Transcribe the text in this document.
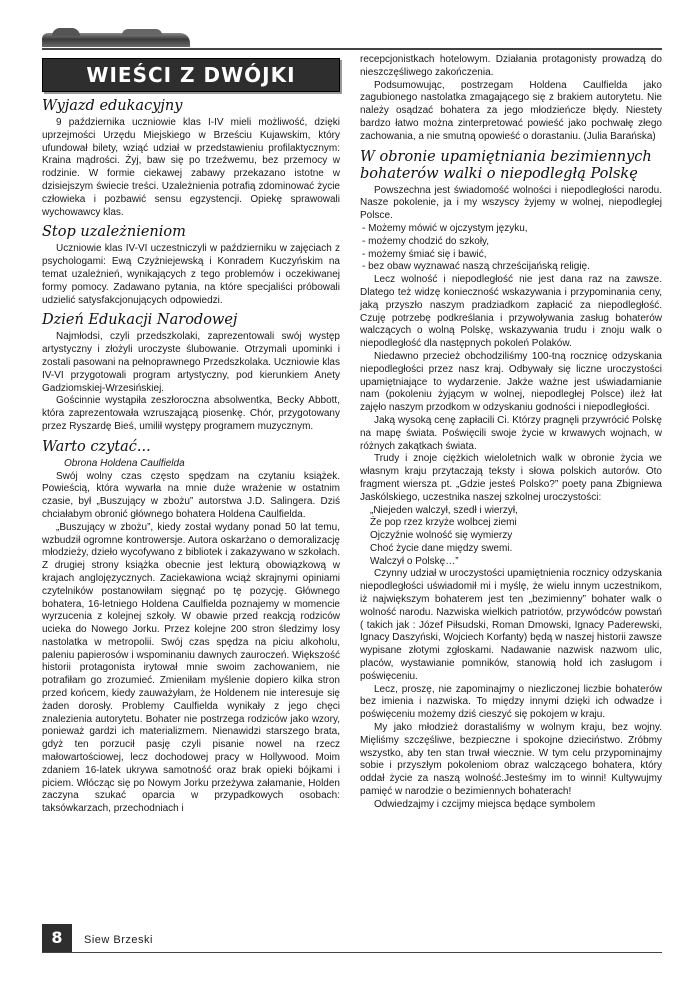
WIEŚCI Z DWÓJKI
Wyjazd edukacyjny

9 października uczniowie klas I-IV mieli możliwość, dzięki uprzejmości Urzędu Miejskiego w Brześciu Kujawskim, który ufundował bilety, wziąć udział w przedstawieniu profilaktycznym: Kraina mądrości. Żyj, baw się po trzeźwemu, bez przemocy w rodzinie. W formie ciekawej zabawy przekazano istotne w dzisiejszym świecie treści. Uzależnienia potrafią zdominować życie człowieka i pozbawić sensu egzystencji. Opiekę sprawowali wychowawcy klas.

Stop uzależnieniom

Uczniowie klas IV-VI uczestniczyli w październiku w zajęciach z psychologami: Ewą Czyżniejewską i Konradem Kuczyńskim na temat uzależnień, wynikających z tego problemów i oczekiwanej formy pomocy. Zadawano pytania, na które specjaliści próbowali udzielić satysfakcjonujących odpowiedzi.

Dzień Edukacji Narodowej

Najmłodsi, czyli przedszkolaki, zaprezentowali swój występ artystyczny i złożyli uroczyste ślubowanie. Otrzymali upominki i zostali pasowani na pełnoprawnego Przedszkolaka. Uczniowie klas IV-VI przygotowali program artystyczny, pod kierunkiem Anety Gadziomskiej-Wrzesińskiej.

Gościnnie wystąpiła zeszłoroczna absolwentka, Becky Abbott, która zaprezentowała wzruszającą piosenkę. Chór, przygotowany przez Ryszardę Bieś, umilił występy programem muzycznym.

Warto czytać...

Obrona Holdena Caulfielda

Swój wolny czas często spędzam na czytaniu książek. Powieścią, która wywarła na mnie duże wrażenie w ostatnim czasie, był „Buszujący w zbożu” autorstwa J.D. Salingera. Dziś chciałabym obronić głównego bohatera Holdena Caulfielda.

„Buszujący w zbożu”, kiedy został wydany ponad 50 lat temu, wzbudził ogromne kontrowersje. Autora oskarżano o demoralizację młodzieży, dzieło wycofywano z bibliotek i zakazywano w szkołach. Z drugiej strony książka obecnie jest lekturą obowiązkową w krajach anglojęzycznych. Zaciekawiona wciąż skrajnymi opiniami czytelników postanowiłam sięgnąć po tę pozycję. Głównego bohatera, 16-letniego Holdena Caulfielda poznajemy w momencie wyrzucenia z kolejnej szkoły. W obawie przed reakcją rodziców ucieka do Nowego Jorku. Przez kolejne 200 stron śledzimy losy nastolatka w metropolii. Swój czas spędza na piciu alkoholu, paleniu papierosów i wspominaniu dawnych zauroczeń. Większość historii protagonista irytował mnie swoim zachowaniem, nie potrafiłam go zrozumieć. Zmieniłam myślenie dopiero kilka stron przed końcem, kiedy zauważyłam, że Holdenem nie interesuje się żaden dorosły. Problemy Caulfielda wynikały z jego chęci znalezienia autorytetu. Bohater nie postrzega rodziców jako wzory, ponieważ gardzi ich materializmem. Nienawidzi starszego brata, gdyż ten porzucił pasję czyli pisanie nowel na rzecz małowartościowej, lecz dochodowej pracy w Hollywood. Moim zdaniem 16-latek ukrywa samotność oraz brak opieki bójkami i piciem. Włócząc się po Nowym Jorku przeżywa załamanie, Holden zaczyna szukać oparcia w przypadkowych osobach: taksówkarzach, przechodniach i

recepcjonistkach hotelowym. Działania protagonisty prowadzą do nieszczęśliwego zakończenia.

Podsumowując, postrzegam Holdena Caulfielda jako zagubionego nastolatka zmagającego się z brakiem autorytetu. Nie należy osądzać bohatera za jego młodzieńcze błędy. Niestety bardzo łatwo można zinterpretować powieść jako pochwałę złego zachowania, a nie smutną opowieść o dorastaniu. (Julia Barańska)

W obronie upamiętniania bezimiennych bohaterów walki o niepodległą Polskę

Powszechna jest świadomość wolności i niepodległości narodu. Nasze pokolenie, ja i my wszyscy żyjemy w wolnej, niepodległej Polsce.

- Możemy mówić w ojczystym języku,
- możemy chodzić do szkoły,
- możemy śmiać się i bawić,
- bez obaw wyznawać naszą chrześcijańską religię.

Lecz wolność i niepodległość nie jest dana raz na zawsze. Dlatego też widzę konieczność wskazywania i przypominania ceny, jaką przyszło naszym pradziadkom zapłacić za niepodległość. Czuję potrzebę podkreślania i przywoływania zasług bohaterów walczących o wolną Polskę, wskazywania trudu i znoju walk o niepodległość dla następnych pokoleń Polaków.

Niedawno przecież obchodziliśmy 100-tną rocznicę odzyskania niepodległości przez nasz kraj. Odbywały się liczne uroczystości upamiętniające to wydarzenie. Jakże ważne jest uświadamianie nam (pokoleniu żyjącym w wolnej, niepodległej Polsce) ileż łat zajęło naszym przodkom w odzyskaniu godności i niepodległości.

Jaką wysoką cenę zapłacili Ci. Którzy pragnęli przywrócić Polskę na mapę świata. Poświęcili swoje życie w krwawych wojnach, w różnych zakątkach świata.

Trudy i znoje ciężkich wieloletnich walk w obronie życia we własnym kraju przytaczają teksty i słowa polskich autorów. Oto fragment wiersza pt. „Gdzie jesteś Polsko?” poety pana Zbigniewa Jaskólskiego, uczestnika naszej szkolnej uroczystości:

„Niejeden walczył, szedł i wierzył,
Że pop rzez krzyże wolbcej ziemi
Ojczyźnie wolność się wymierzy
Choć życie dane między swemi.
Walczył o Polskę…”

Czynny udział w uroczystości upamiętnienia rocznicy odzyskania niepodległości uświadomił mi i myślę, że wielu innym uczestnikom, iż największym bohaterem jest ten „bezimienny” bohater walk o wolność narodu. Nazwiska wielkich patriotów, przywódców powstań ( takich jak : Józef Piłsudski, Roman Dmowski, Ignacy Paderewski, Ignacy Daszyński, Wojciech Korfanty) będą w naszej historii zawsze wypisane złotymi zgłoskami. Nadawanie nazwisk nazwom ulic, placów, wystawianie pomników, stanowią hołd ich zasługom i poświęceniu.

Lecz, proszę, nie zapominajmy o niezliczonej liczbie bohaterów bez imienia i nazwiska. To między innymi dzięki ich odwadze i poświęceniu możemy dziś cieszyć się pokojem w kraju.

My jako młodzież dorastaliśmy w wolnym kraju, bez wojny. Mięliśmy szczęśliwe, bezpieczne i spokojne dzieciństwo. Zróbmy wszystko, aby ten stan trwał wiecznie. W tym celu przypominajmy sobie i przyszłym pokoleniom obraz walczącego bohatera, który oddał życie za naszą wolność.Jesteśmy im to winni! Kultywujmy pamięć w narodzie o bezimiennych bohaterach!

Odwiedzajmy i czcijmy miejsca będące symbolem

8	Siew Brzeski
